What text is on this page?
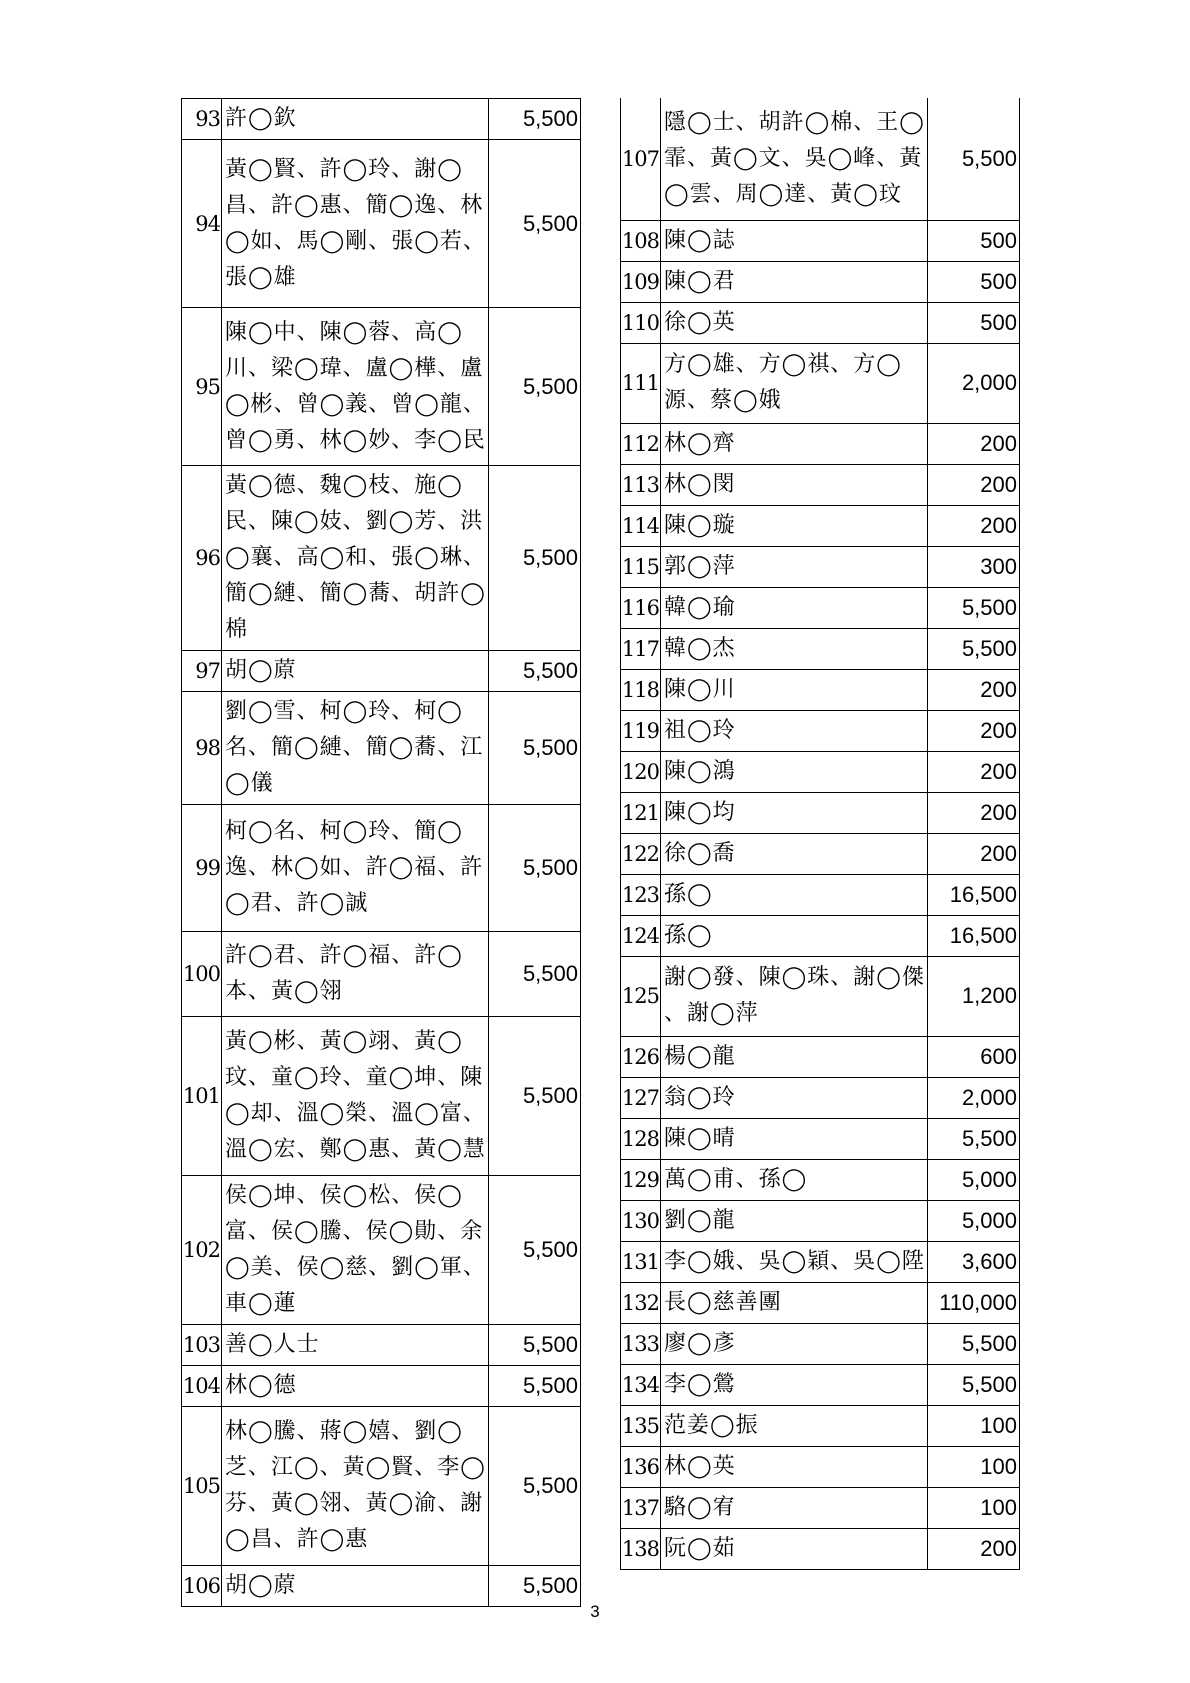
93	許◯欽	5,500
94	黃◯賢、許◯玲、謝◯昌、許◯惠、簡◯逸、林◯如、馬◯剛、張◯若、張◯雄	5,500
95	陳◯中、陳◯蓉、高◯川、梁◯瑋、盧◯樺、盧◯彬、曾◯義、曾◯龍、曾◯勇、林◯妙、李◯民	5,500
96	黃◯德、魏◯枝、施◯民、陳◯妓、劉◯芳、洪◯襄、高◯和、張◯琳、簡◯縺、簡◯蕎、胡許◯棉	5,500
97	胡◯蒝	5,500
98	劉◯雪、柯◯玲、柯◯名、簡◯縺、簡◯蕎、江◯儀	5,500
99	柯◯名、柯◯玲、簡◯逸、林◯如、許◯福、許◯君、許◯誠	5,500
100	許◯君、許◯福、許◯本、黃◯翎	5,500
101	黃◯彬、黃◯翊、黃◯玟、童◯玲、童◯坤、陳◯却、溫◯榮、溫◯富、溫◯宏、鄭◯惠、黃◯慧	5,500
102	侯◯坤、侯◯松、侯◯富、侯◯騰、侯◯勛、余◯美、侯◯慈、劉◯軍、車◯蓮	5,500
103	善◯人士	5,500
104	林◯德	5,500
105	林◯騰、蔣◯嬉、劉◯芝、江◯、黃◯賢、李◯芬、黃◯翎、黃◯渝、謝◯昌、許◯惠	5,500
106	胡◯蒝	5,500
107	隱◯士、胡許◯棉、王◯霏、黃◯文、吳◯峰、黃◯雲、周◯達、黃◯玟	5,500
108	陳◯誌	500
109	陳◯君	500
110	徐◯英	500
111	方◯雄、方◯祺、方◯源、蔡◯娥	2,000
112	林◯齊	200
113	林◯閔	200
114	陳◯璇	200
115	郭◯萍	300
116	韓◯瑜	5,500
117	韓◯杰	5,500
118	陳◯川	200
119	祖◯玲	200
120	陳◯鴻	200
121	陳◯均	200
122	徐◯喬	200
123	孫◯	16,500
124	孫◯	16,500
125	謝◯發、陳◯珠、謝◯傑 、謝◯萍	1,200
126	楊◯龍	600
127	翁◯玲	2,000
128	陳◯晴	5,500
129	萬◯甫、孫◯	5,000
130	劉◯龍	5,000
131	李◯娥、吳◯穎、吳◯陞	3,600
132	長◯慈善團	110,000
133	廖◯彥	5,500
134	李◯鶯	5,500
135	范姜◯振	100
136	林◯英	100
137	駱◯宥	100
138	阮◯茹	200
3
